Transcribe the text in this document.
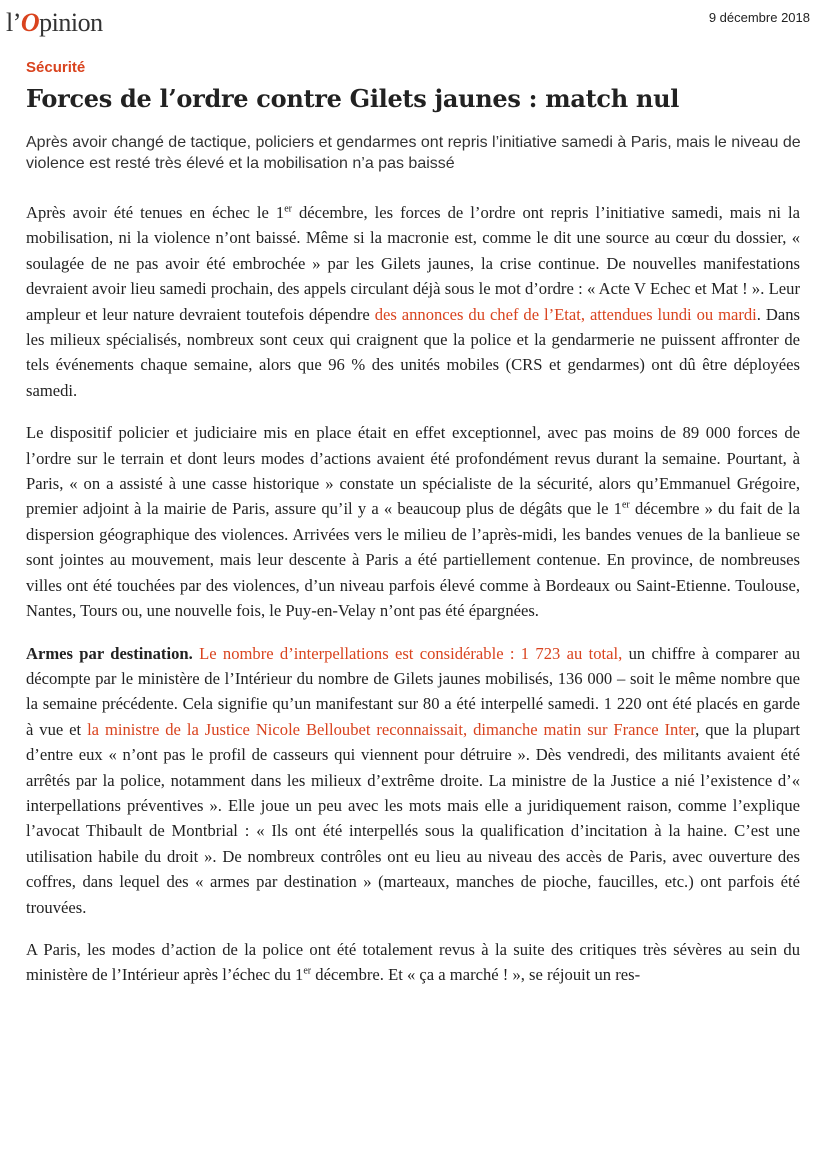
l’Opinion	9 décembre 2018
Sécurité
Forces de l’ordre contre Gilets jaunes : match nul

Après avoir changé de tactique, policiers et gendarmes ont repris l’initiative samedi à Paris, mais le niveau de violence est resté très élevé et la mobilisation n’a pas baissé

Après avoir été tenues en échec le 1er décembre, les forces de l’ordre ont repris l’initiative samedi, mais ni la mobilisation, ni la violence n’ont baissé. Même si la macronie est, comme le dit une source au cœur du dossier, « soulagée de ne pas avoir été embrochée » par les Gilets jaunes, la crise continue. De nouvelles manifestations devraient avoir lieu samedi prochain, des appels circulant déjà sous le mot d’ordre : « Acte V Echec et Mat ! ». Leur ampleur et leur nature devraient toutefois dépendre des annonces du chef de l’Etat, attendues lundi ou mardi. Dans les milieux spécialisés, nombreux sont ceux qui craignent que la police et la gendarmerie ne puissent affronter de tels événements chaque semaine, alors que 96 % des unités mobiles (CRS et gendarmes) ont dû être déployées samedi.

Le dispositif policier et judiciaire mis en place était en effet exceptionnel, avec pas moins de 89 000 forces de l’ordre sur le terrain et dont leurs modes d’actions avaient été profondément revus durant la semaine. Pourtant, à Paris, « on a assisté à une casse historique » constate un spécialiste de la sécurité, alors qu’Emmanuel Grégoire, premier adjoint à la mairie de Paris, assure qu’il y a « beaucoup plus de dégâts que le 1er décembre » du fait de la dispersion géographique des violences. Arrivées vers le milieu de l’après-midi, les bandes venues de la banlieue se sont jointes au mouvement, mais leur descente à Paris a été partiellement contenue. En province, de nombreuses villes ont été touchées par des violences, d’un niveau parfois élevé comme à Bordeaux ou Saint-Etienne. Toulouse, Nantes, Tours ou, une nouvelle fois, le Puy-en-Velay n’ont pas été épargnées.

Armes par destination. Le nombre d’interpellations est considérable : 1 723 au total, un chiffre à comparer au décompte par le ministère de l’Intérieur du nombre de Gilets jaunes mobilisés, 136 000 – soit le même nombre que la semaine précédente. Cela signifie qu’un manifestant sur 80 a été interpellé samedi. 1 220 ont été placés en garde à vue et la ministre de la Justice Nicole Belloubet reconnaissait, dimanche matin sur France Inter, que la plupart d’entre eux « n’ont pas le profil de casseurs qui viennent pour détruire ». Dès vendredi, des militants avaient été arrêtés par la police, notamment dans les milieux d’extrême droite. La ministre de la Justice a nié l’existence d’« interpellations préventives ». Elle joue un peu avec les mots mais elle a juridiquement raison, comme l’explique l’avocat Thibault de Montbrial : « Ils ont été interpellés sous la qualification d’incitation à la haine. C’est une utilisation habile du droit ». De nombreux contrôles ont eu lieu au niveau des accès de Paris, avec ouverture des coffres, dans lequel des « armes par destination » (marteaux, manches de pioche, faucilles, etc.) ont parfois été trouvées.

A Paris, les modes d’action de la police ont été totalement revus à la suite des critiques très sévères au sein du ministère de l’Intérieur après l’échec du 1er décembre. Et « ça a marché ! », se réjouit un res-
